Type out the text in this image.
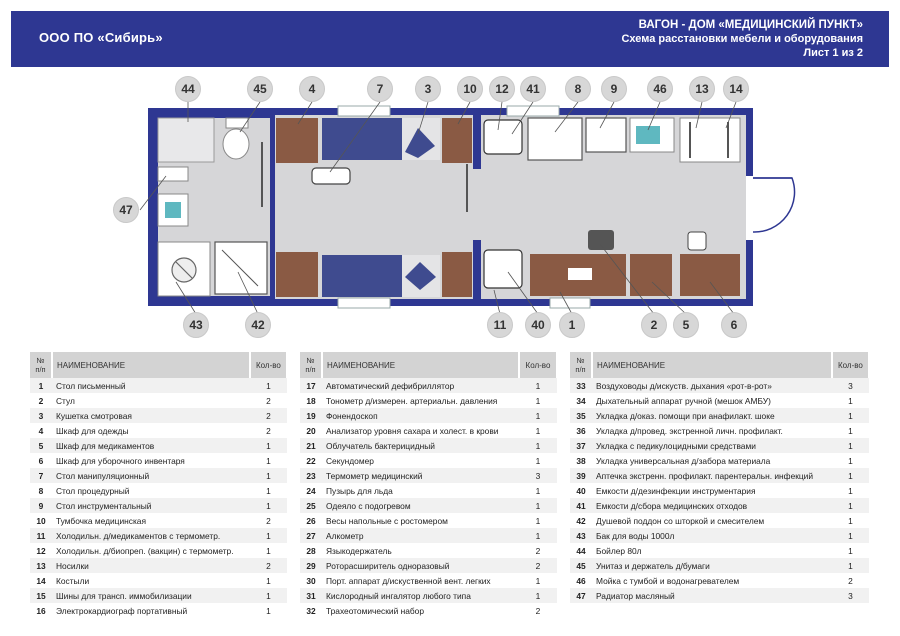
ООО ПО «Сибирь»
ВАГОН - ДОМ «МЕДИЦИНСКИЙ ПУНКТ»
Схема расстановки мебели и оборудования
Лист 1 из 2
44	45	4	7	3	10	12	41	8	9	46	13	14
47
43	42	11	40	1	2	5	6
№ п/п	НАИМЕНОВАНИЕ	Кол-во
1	Стол письменный	1
2	Стул	2
3	Кушетка смотровая	2
4	Шкаф для одежды	2
5	Шкаф для медикаментов	1
6	Шкаф для уборочного инвентаря	1
7	Стол манипуляционный	1
8	Стол процедурный	1
9	Стол инструментальный	1
10	Тумбочка медицинская	2
11	Холодильн. д/медикаментов с термометр.	1
12	Холодильн. д/биопреп. (вакцин) с термометр.	1
13	Носилки	2
14	Костыли	1
15	Шины для трансп. иммобилизации	1
16	Электрокардиограф портативный	1
№ п/п	НАИМЕНОВАНИЕ	Кол-во
17	Автоматический дефибриллятор	1
18	Тонометр д/измерен. артериальн. давления	1
19	Фонендоскоп	1
20	Анализатор уровня сахара и холест. в крови	1
21	Облучатель бактерицидный	1
22	Секундомер	1
23	Термометр медицинский	3
24	Пузырь для льда	1
25	Одеяло с подогревом	1
26	Весы напольные с ростомером	1
27	Алкометр	1
28	Языкодержатель	2
29	Роторасширитель одноразовый	2
30	Порт. аппарат д/искуственной вент. легких	1
31	Кислородный ингалятор любого типа	1
32	Трахеотомический набор	2
№ п/п	НАИМЕНОВАНИЕ	Кол-во
33	Воздуховоды д/искуств. дыхания «рот-в-рот»	3
34	Дыхательный аппарат ручной (мешок АМБУ)	1
35	Укладка д/оказ. помощи при анафилакт. шоке	1
36	Укладка д/провед. экстренной личн. профилакт.	1
37	Укладка с педикулоцидными средствами	1
38	Укладка универсальная д/забора материала	1
39	Аптечка экстренн. профилакт. парентеральн. инфекций	1
40	Емкости д/дезинфекции инструментария	1
41	Емкости д/сбора медицинских отходов	1
42	Душевой поддон со шторкой и смесителем	1
43	Бак для воды 1000л	1
44	Бойлер 80л	1
45	Унитаз и держатель д/бумаги	1
46	Мойка с тумбой и водонагревателем	2
47	Радиатор масляный	3
